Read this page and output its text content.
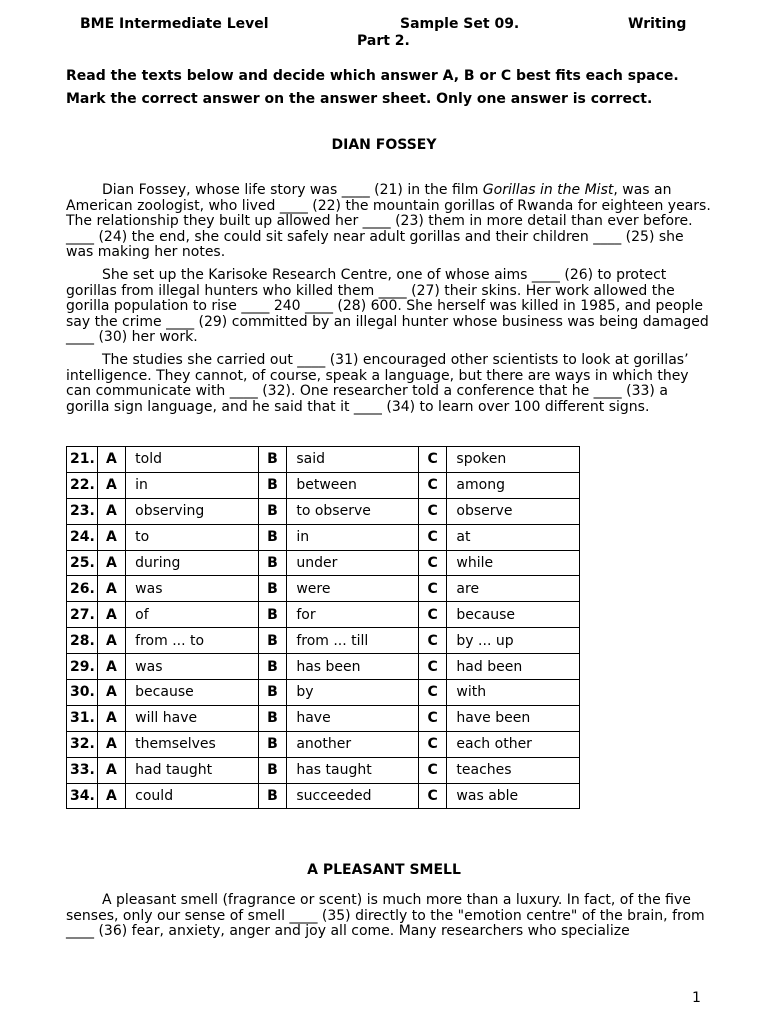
BME Intermediate Level	Sample Set 09.	Writing
Part 2.
Read the texts below and decide which answer A, B or C best fits each space.
Mark the correct answer on the answer sheet. Only one answer is correct.
DIAN FOSSEY

Dian Fossey, whose life story was ____ (21) in the film Gorillas in the Mist, was an American zoologist, who lived ____ (22) the mountain gorillas of Rwanda for eighteen years. The relationship they built up allowed her ____ (23) them in more detail than ever before. ____ (24) the end, she could sit safely near adult gorillas and their children ____ (25) she was making her notes.

She set up the Karisoke Research Centre, one of whose aims ____ (26) to protect gorillas from illegal hunters who killed them ____ (27) their skins. Her work allowed the gorilla population to rise ____ 240 ____ (28) 600. She herself was killed in 1985, and people say the crime ____ (29) committed by an illegal hunter whose business was being damaged ____ (30) her work.

The studies she carried out ____ (31) encouraged other scientists to look at gorillas’ intelligence. They cannot, of course, speak a language, but there are ways in which they can communicate with ____ (32). One researcher told a conference that he ____ (33) a gorilla sign language, and he said that it ____ (34) to learn over 100 different signs.

21.	A	told	B	said	C	spoken
22.	A	in	B	between	C	among
23.	A	observing	B	to observe	C	observe
24.	A	to	B	in	C	at
25.	A	during	B	under	C	while
26.	A	was	B	were	C	are
27.	A	of	B	for	C	because
28.	A	from ... to	B	from ... till	C	by ... up
29.	A	was	B	has been	C	had been
30.	A	because	B	by	C	with
31.	A	will have	B	have	C	have been
32.	A	themselves	B	another	C	each other
33.	A	had taught	B	has taught	C	teaches
34.	A	could	B	succeeded	C	was able
A PLEASANT SMELL

A pleasant smell (fragrance or scent) is much more than a luxury. In fact, of the five senses, only our sense of smell ____ (35) directly to the "emotion centre" of the brain, from ____ (36) fear, anxiety, anger and joy all come. Many researchers who specialize

1
